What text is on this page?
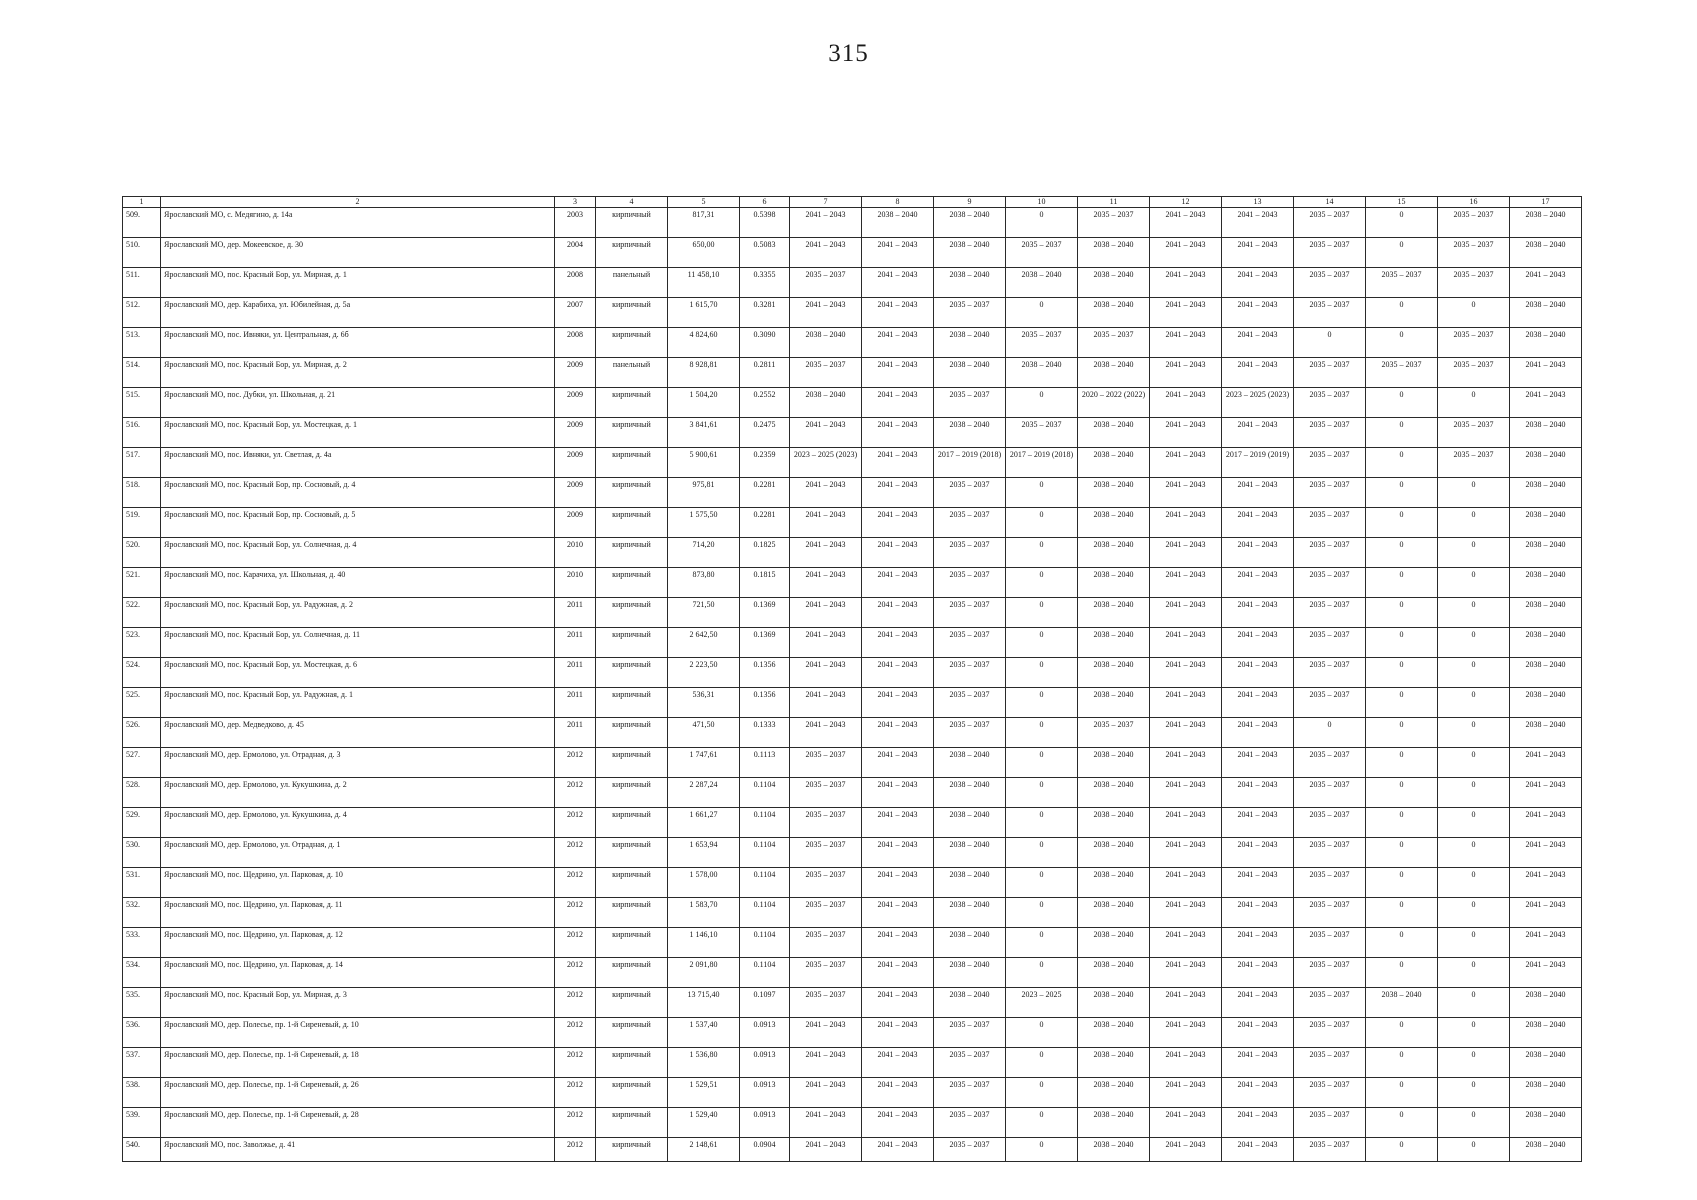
315
1	2	3	4	5	6	7	8	9	10	11	12	13	14	15	16	17
509.	Ярославский МО, с. Медягино, д. 14а	2003	кирпичный	817,31	0.5398	2041 – 2043	2038 – 2040	2038 – 2040	0	2035 – 2037	2041 – 2043	2041 – 2043	2035 – 2037	0	2035 – 2037	2038 – 2040
510.	Ярославский МО, дер. Мокеевское, д. 30	2004	кирпичный	650,00	0.5083	2041 – 2043	2041 – 2043	2038 – 2040	2035 – 2037	2038 – 2040	2041 – 2043	2041 – 2043	2035 – 2037	0	2035 – 2037	2038 – 2040
511.	Ярославский МО, пос. Красный Бор, ул. Мирная, д. 1	2008	панельный	11 458,10	0.3355	2035 – 2037	2041 – 2043	2038 – 2040	2038 – 2040	2038 – 2040	2041 – 2043	2041 – 2043	2035 – 2037	2035 – 2037	2035 – 2037	2041 – 2043
512.	Ярославский МО, дер. Карабиха, ул. Юбилейная, д. 5а	2007	кирпичный	1 615,70	0.3281	2041 – 2043	2041 – 2043	2035 – 2037	0	2038 – 2040	2041 – 2043	2041 – 2043	2035 – 2037	0	0	2038 – 2040
513.	Ярославский МО, пос. Ивняки, ул. Центральная, д. 6б	2008	кирпичный	4 824,60	0.3090	2038 – 2040	2041 – 2043	2038 – 2040	2035 – 2037	2035 – 2037	2041 – 2043	2041 – 2043	0	0	2035 – 2037	2038 – 2040
514.	Ярославский МО, пос. Красный Бор, ул. Мирная, д. 2	2009	панельный	8 928,81	0.2811	2035 – 2037	2041 – 2043	2038 – 2040	2038 – 2040	2038 – 2040	2041 – 2043	2041 – 2043	2035 – 2037	2035 – 2037	2035 – 2037	2041 – 2043
515.	Ярославский МО, пос. Дубки, ул. Школьная, д. 21	2009	кирпичный	1 504,20	0.2552	2038 – 2040	2041 – 2043	2035 – 2037	0	2020 – 2022 (2022)	2041 – 2043	2023 – 2025 (2023)	2035 – 2037	0	0	2041 – 2043
516.	Ярославский МО, пос. Красный Бор, ул. Мостецкая, д. 1	2009	кирпичный	3 841,61	0.2475	2041 – 2043	2041 – 2043	2038 – 2040	2035 – 2037	2038 – 2040	2041 – 2043	2041 – 2043	2035 – 2037	0	2035 – 2037	2038 – 2040
517.	Ярославский МО, пос. Ивняки, ул. Светлая, д. 4а	2009	кирпичный	5 900,61	0.2359	2023 – 2025 (2023)	2041 – 2043	2017 – 2019 (2018)	2017 – 2019 (2018)	2038 – 2040	2041 – 2043	2017 – 2019 (2019)	2035 – 2037	0	2035 – 2037	2038 – 2040
518.	Ярославский МО, пос. Красный Бор, пр. Сосновый, д. 4	2009	кирпичный	975,81	0.2281	2041 – 2043	2041 – 2043	2035 – 2037	0	2038 – 2040	2041 – 2043	2041 – 2043	2035 – 2037	0	0	2038 – 2040
519.	Ярославский МО, пос. Красный Бор, пр. Сосновый, д. 5	2009	кирпичный	1 575,50	0.2281	2041 – 2043	2041 – 2043	2035 – 2037	0	2038 – 2040	2041 – 2043	2041 – 2043	2035 – 2037	0	0	2038 – 2040
520.	Ярославский МО, пос. Красный Бор, ул. Солнечная, д. 4	2010	кирпичный	714,20	0.1825	2041 – 2043	2041 – 2043	2035 – 2037	0	2038 – 2040	2041 – 2043	2041 – 2043	2035 – 2037	0	0	2038 – 2040
521.	Ярославский МО, пос. Карачиха, ул. Школьная, д. 40	2010	кирпичный	873,80	0.1815	2041 – 2043	2041 – 2043	2035 – 2037	0	2038 – 2040	2041 – 2043	2041 – 2043	2035 – 2037	0	0	2038 – 2040
522.	Ярославский МО, пос. Красный Бор, ул. Радужная, д. 2	2011	кирпичный	721,50	0.1369	2041 – 2043	2041 – 2043	2035 – 2037	0	2038 – 2040	2041 – 2043	2041 – 2043	2035 – 2037	0	0	2038 – 2040
523.	Ярославский МО, пос. Красный Бор, ул. Солнечная, д. 11	2011	кирпичный	2 642,50	0.1369	2041 – 2043	2041 – 2043	2035 – 2037	0	2038 – 2040	2041 – 2043	2041 – 2043	2035 – 2037	0	0	2038 – 2040
524.	Ярославский МО, пос. Красный Бор, ул. Мостецкая, д. 6	2011	кирпичный	2 223,50	0.1356	2041 – 2043	2041 – 2043	2035 – 2037	0	2038 – 2040	2041 – 2043	2041 – 2043	2035 – 2037	0	0	2038 – 2040
525.	Ярославский МО, пос. Красный Бор, ул. Радужная, д. 1	2011	кирпичный	536,31	0.1356	2041 – 2043	2041 – 2043	2035 – 2037	0	2038 – 2040	2041 – 2043	2041 – 2043	2035 – 2037	0	0	2038 – 2040
526.	Ярославский МО, дер. Медведково, д. 45	2011	кирпичный	471,50	0.1333	2041 – 2043	2041 – 2043	2035 – 2037	0	2035 – 2037	2041 – 2043	2041 – 2043	0	0	0	2038 – 2040
527.	Ярославский МО, дер. Ермолово, ул. Отрадная, д. 3	2012	кирпичный	1 747,61	0.1113	2035 – 2037	2041 – 2043	2038 – 2040	0	2038 – 2040	2041 – 2043	2041 – 2043	2035 – 2037	0	0	2041 – 2043
528.	Ярославский МО, дер. Ермолово, ул. Кукушкина, д. 2	2012	кирпичный	2 287,24	0.1104	2035 – 2037	2041 – 2043	2038 – 2040	0	2038 – 2040	2041 – 2043	2041 – 2043	2035 – 2037	0	0	2041 – 2043
529.	Ярославский МО, дер. Ермолово, ул. Кукушкина, д. 4	2012	кирпичный	1 661,27	0.1104	2035 – 2037	2041 – 2043	2038 – 2040	0	2038 – 2040	2041 – 2043	2041 – 2043	2035 – 2037	0	0	2041 – 2043
530.	Ярославский МО, дер. Ермолово, ул. Отрадная, д. 1	2012	кирпичный	1 653,94	0.1104	2035 – 2037	2041 – 2043	2038 – 2040	0	2038 – 2040	2041 – 2043	2041 – 2043	2035 – 2037	0	0	2041 – 2043
531.	Ярославский МО, пос. Щедрино, ул. Парковая, д. 10	2012	кирпичный	1 578,00	0.1104	2035 – 2037	2041 – 2043	2038 – 2040	0	2038 – 2040	2041 – 2043	2041 – 2043	2035 – 2037	0	0	2041 – 2043
532.	Ярославский МО, пос. Щедрино, ул. Парковая, д. 11	2012	кирпичный	1 583,70	0.1104	2035 – 2037	2041 – 2043	2038 – 2040	0	2038 – 2040	2041 – 2043	2041 – 2043	2035 – 2037	0	0	2041 – 2043
533.	Ярославский МО, пос. Щедрино, ул. Парковая, д. 12	2012	кирпичный	1 146,10	0.1104	2035 – 2037	2041 – 2043	2038 – 2040	0	2038 – 2040	2041 – 2043	2041 – 2043	2035 – 2037	0	0	2041 – 2043
534.	Ярославский МО, пос. Щедрино, ул. Парковая, д. 14	2012	кирпичный	2 091,80	0.1104	2035 – 2037	2041 – 2043	2038 – 2040	0	2038 – 2040	2041 – 2043	2041 – 2043	2035 – 2037	0	0	2041 – 2043
535.	Ярославский МО, пос. Красный Бор, ул. Мирная, д. 3	2012	кирпичный	13 715,40	0.1097	2035 – 2037	2041 – 2043	2038 – 2040	2023 – 2025	2038 – 2040	2041 – 2043	2041 – 2043	2035 – 2037	2038 – 2040	0	2038 – 2040
536.	Ярославский МО, дер. Полесье, пр. 1-й Сиреневый, д. 10	2012	кирпичный	1 537,40	0.0913	2041 – 2043	2041 – 2043	2035 – 2037	0	2038 – 2040	2041 – 2043	2041 – 2043	2035 – 2037	0	0	2038 – 2040
537.	Ярославский МО, дер. Полесье, пр. 1-й Сиреневый, д. 18	2012	кирпичный	1 536,80	0.0913	2041 – 2043	2041 – 2043	2035 – 2037	0	2038 – 2040	2041 – 2043	2041 – 2043	2035 – 2037	0	0	2038 – 2040
538.	Ярославский МО, дер. Полесье, пр. 1-й Сиреневый, д. 26	2012	кирпичный	1 529,51	0.0913	2041 – 2043	2041 – 2043	2035 – 2037	0	2038 – 2040	2041 – 2043	2041 – 2043	2035 – 2037	0	0	2038 – 2040
539.	Ярославский МО, дер. Полесье, пр. 1-й Сиреневый, д. 28	2012	кирпичный	1 529,40	0.0913	2041 – 2043	2041 – 2043	2035 – 2037	0	2038 – 2040	2041 – 2043	2041 – 2043	2035 – 2037	0	0	2038 – 2040
540.	Ярославский МО, пос. Заволжье, д. 41	2012	кирпичный	2 148,61	0.0904	2041 – 2043	2041 – 2043	2035 – 2037	0	2038 – 2040	2041 – 2043	2041 – 2043	2035 – 2037	0	0	2038 – 2040
